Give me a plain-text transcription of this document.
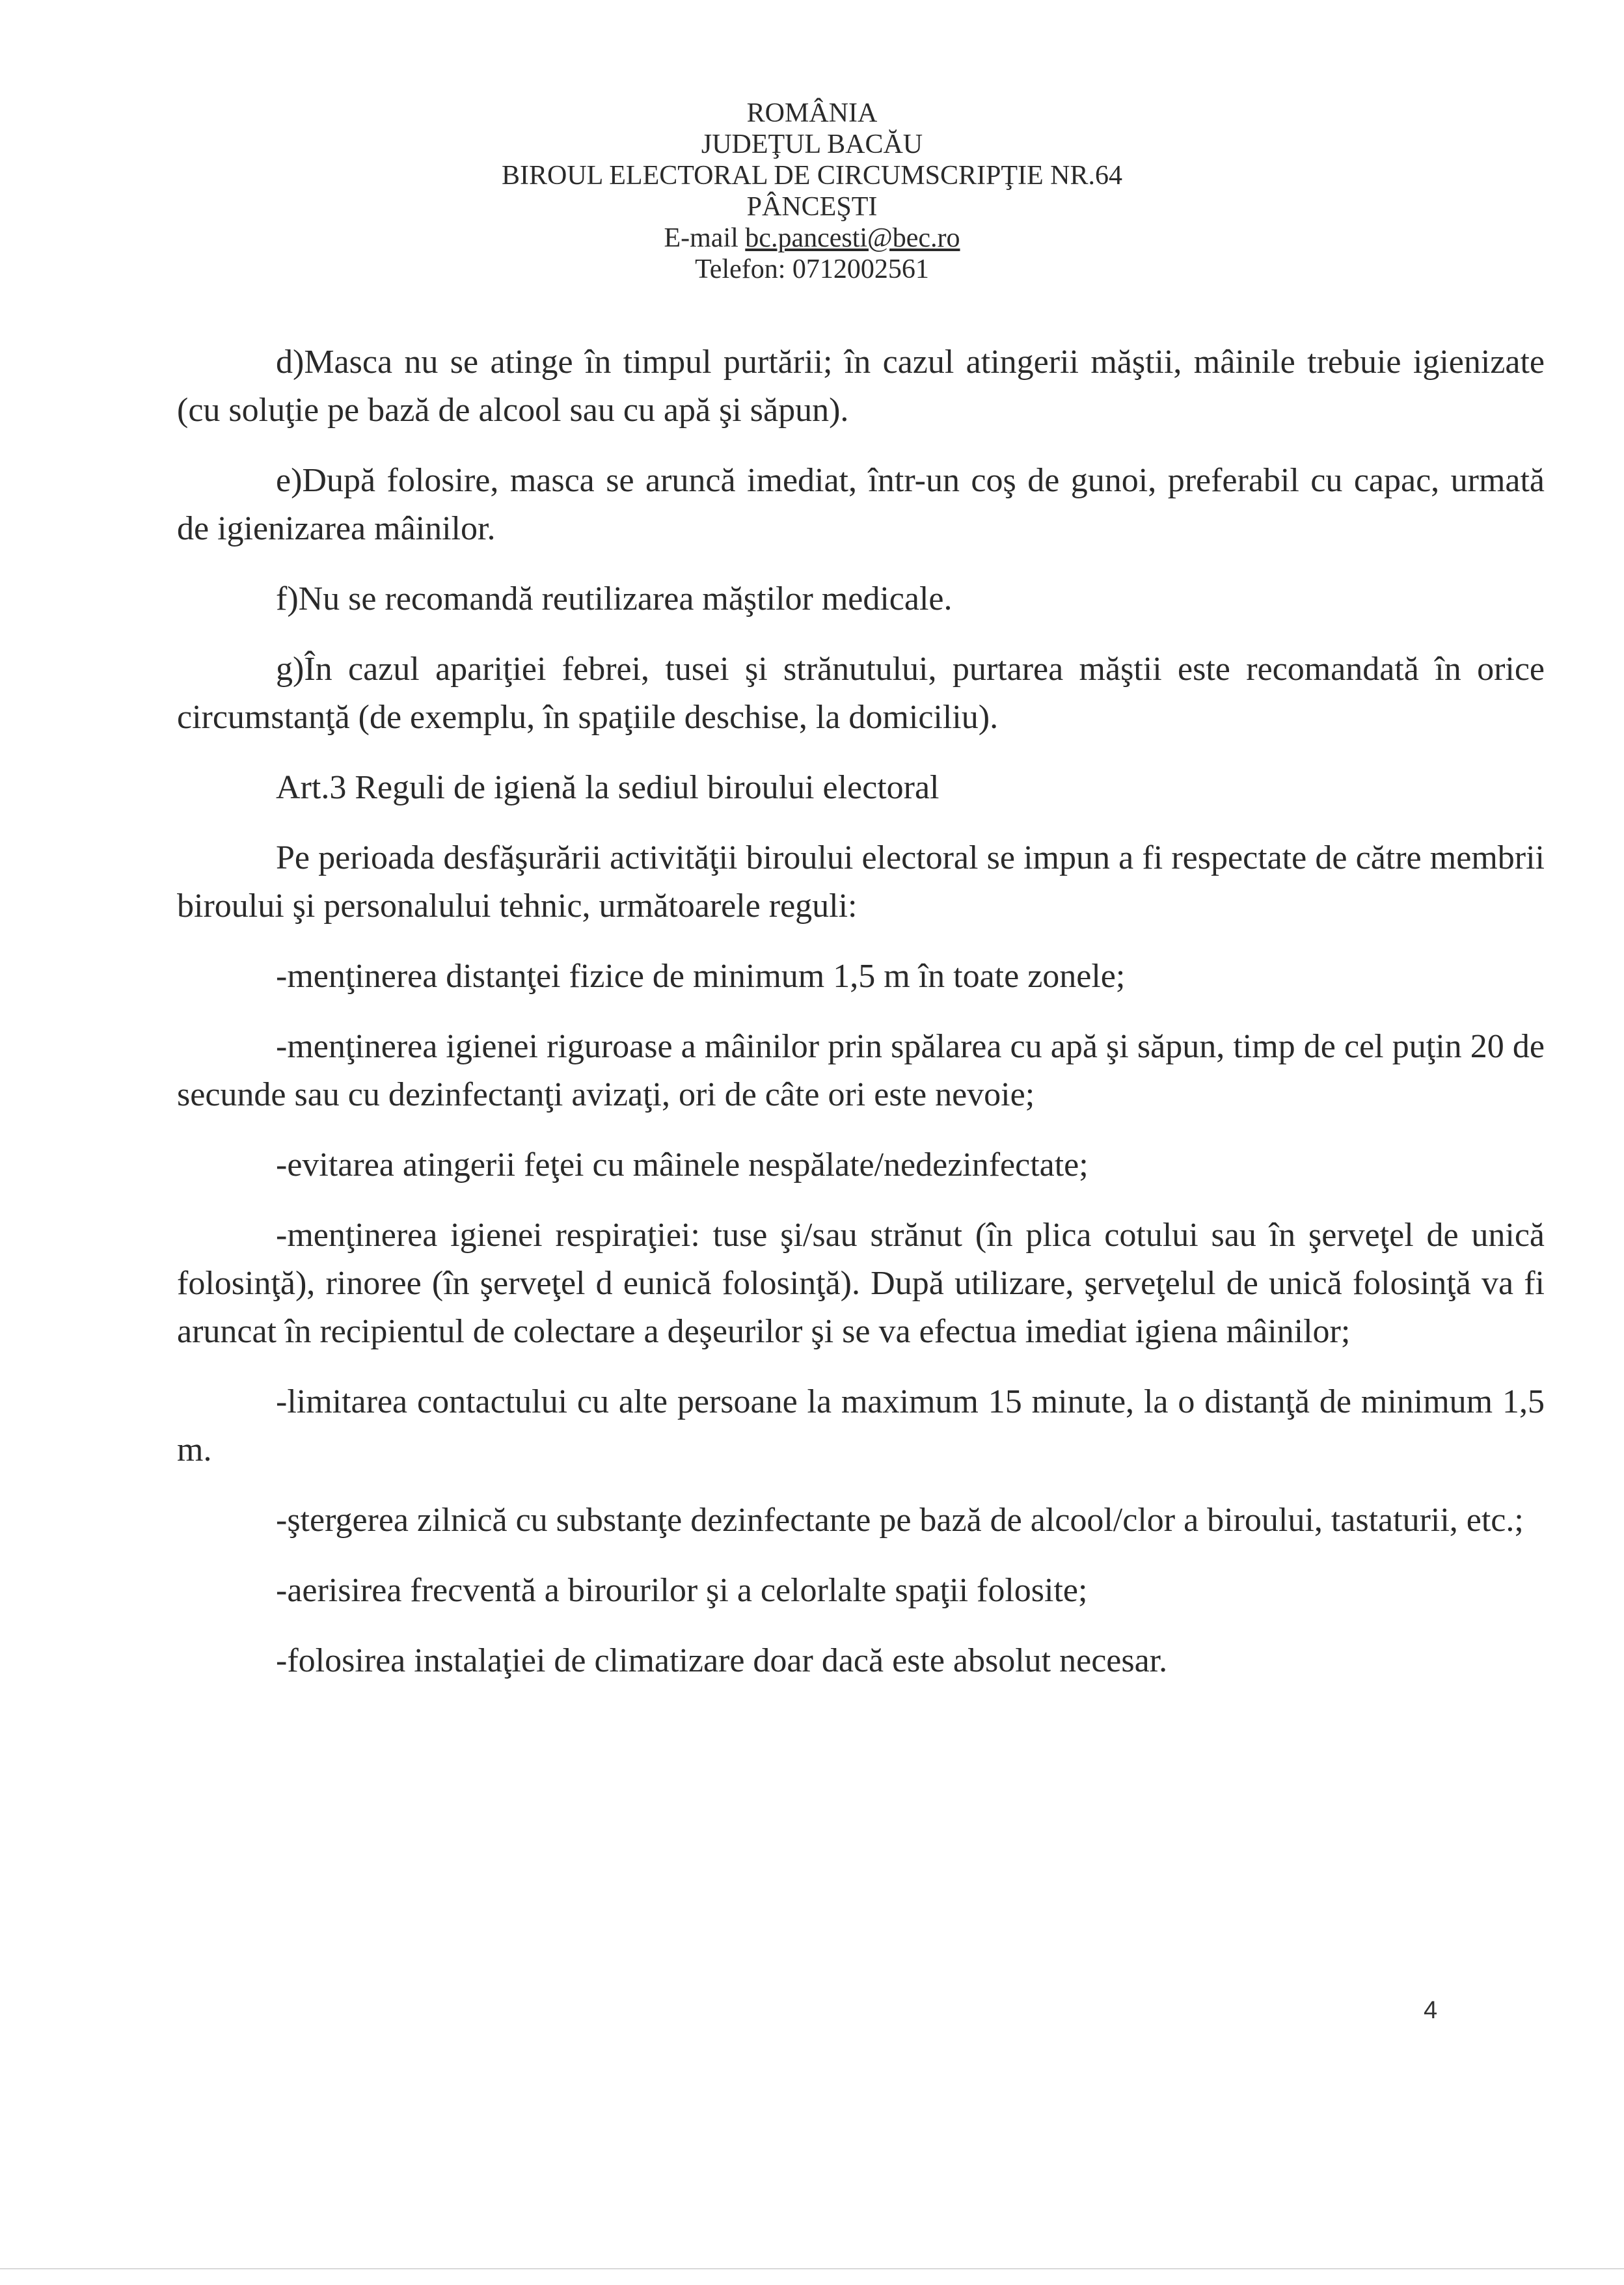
ROMÂNIA
JUDEŢUL BACĂU
BIROUL ELECTORAL DE CIRCUMSCRIPŢIE NR.64
PÂNCEŞTI
E-mail bc.pancesti@bec.ro
Telefon: 0712002561

d)Masca nu se atinge în timpul purtării; în cazul atingerii măştii, mâinile trebuie igienizate (cu soluţie pe bază de alcool sau cu apă şi săpun).

e)După folosire, masca se aruncă imediat, într-un coş de gunoi, preferabil cu capac, urmată de igienizarea mâinilor.

f)Nu se recomandă reutilizarea măştilor medicale.

g)În cazul apariţiei febrei, tusei şi strănutului, purtarea măştii este recomandată în orice circumstanţă (de exemplu, în spaţiile deschise, la domiciliu).

Art.3 Reguli de igienă la sediul biroului electoral

Pe perioada desfăşurării activităţii biroului electoral se impun a fi respectate de către membrii biroului şi personalului tehnic, următoarele reguli:

-menţinerea distanţei fizice de minimum 1,5 m în toate zonele;

-menţinerea igienei riguroase a mâinilor prin spălarea cu apă şi săpun, timp de cel puţin 20 de secunde sau cu dezinfectanţi avizaţi, ori de câte ori este nevoie;

-evitarea atingerii feţei cu mâinele nespălate/nedezinfectate;

-menţinerea igienei respiraţiei: tuse şi/sau strănut (în plica cotului sau în şerveţel de unică folosinţă), rinoree (în şerveţel d eunică folosinţă). După utilizare, şerveţelul de unică folosinţă va fi aruncat în recipientul de colectare a deşeurilor şi se va efectua imediat igiena mâinilor;

-limitarea contactului cu alte persoane la maximum 15 minute, la o distanţă de minimum 1,5 m.

-ştergerea zilnică cu substanţe dezinfectante pe bază de alcool/clor a biroului, tastaturii, etc.;

-aerisirea frecventă a birourilor şi a celorlalte spaţii folosite;

-folosirea instalaţiei de climatizare doar dacă este absolut necesar.

4
